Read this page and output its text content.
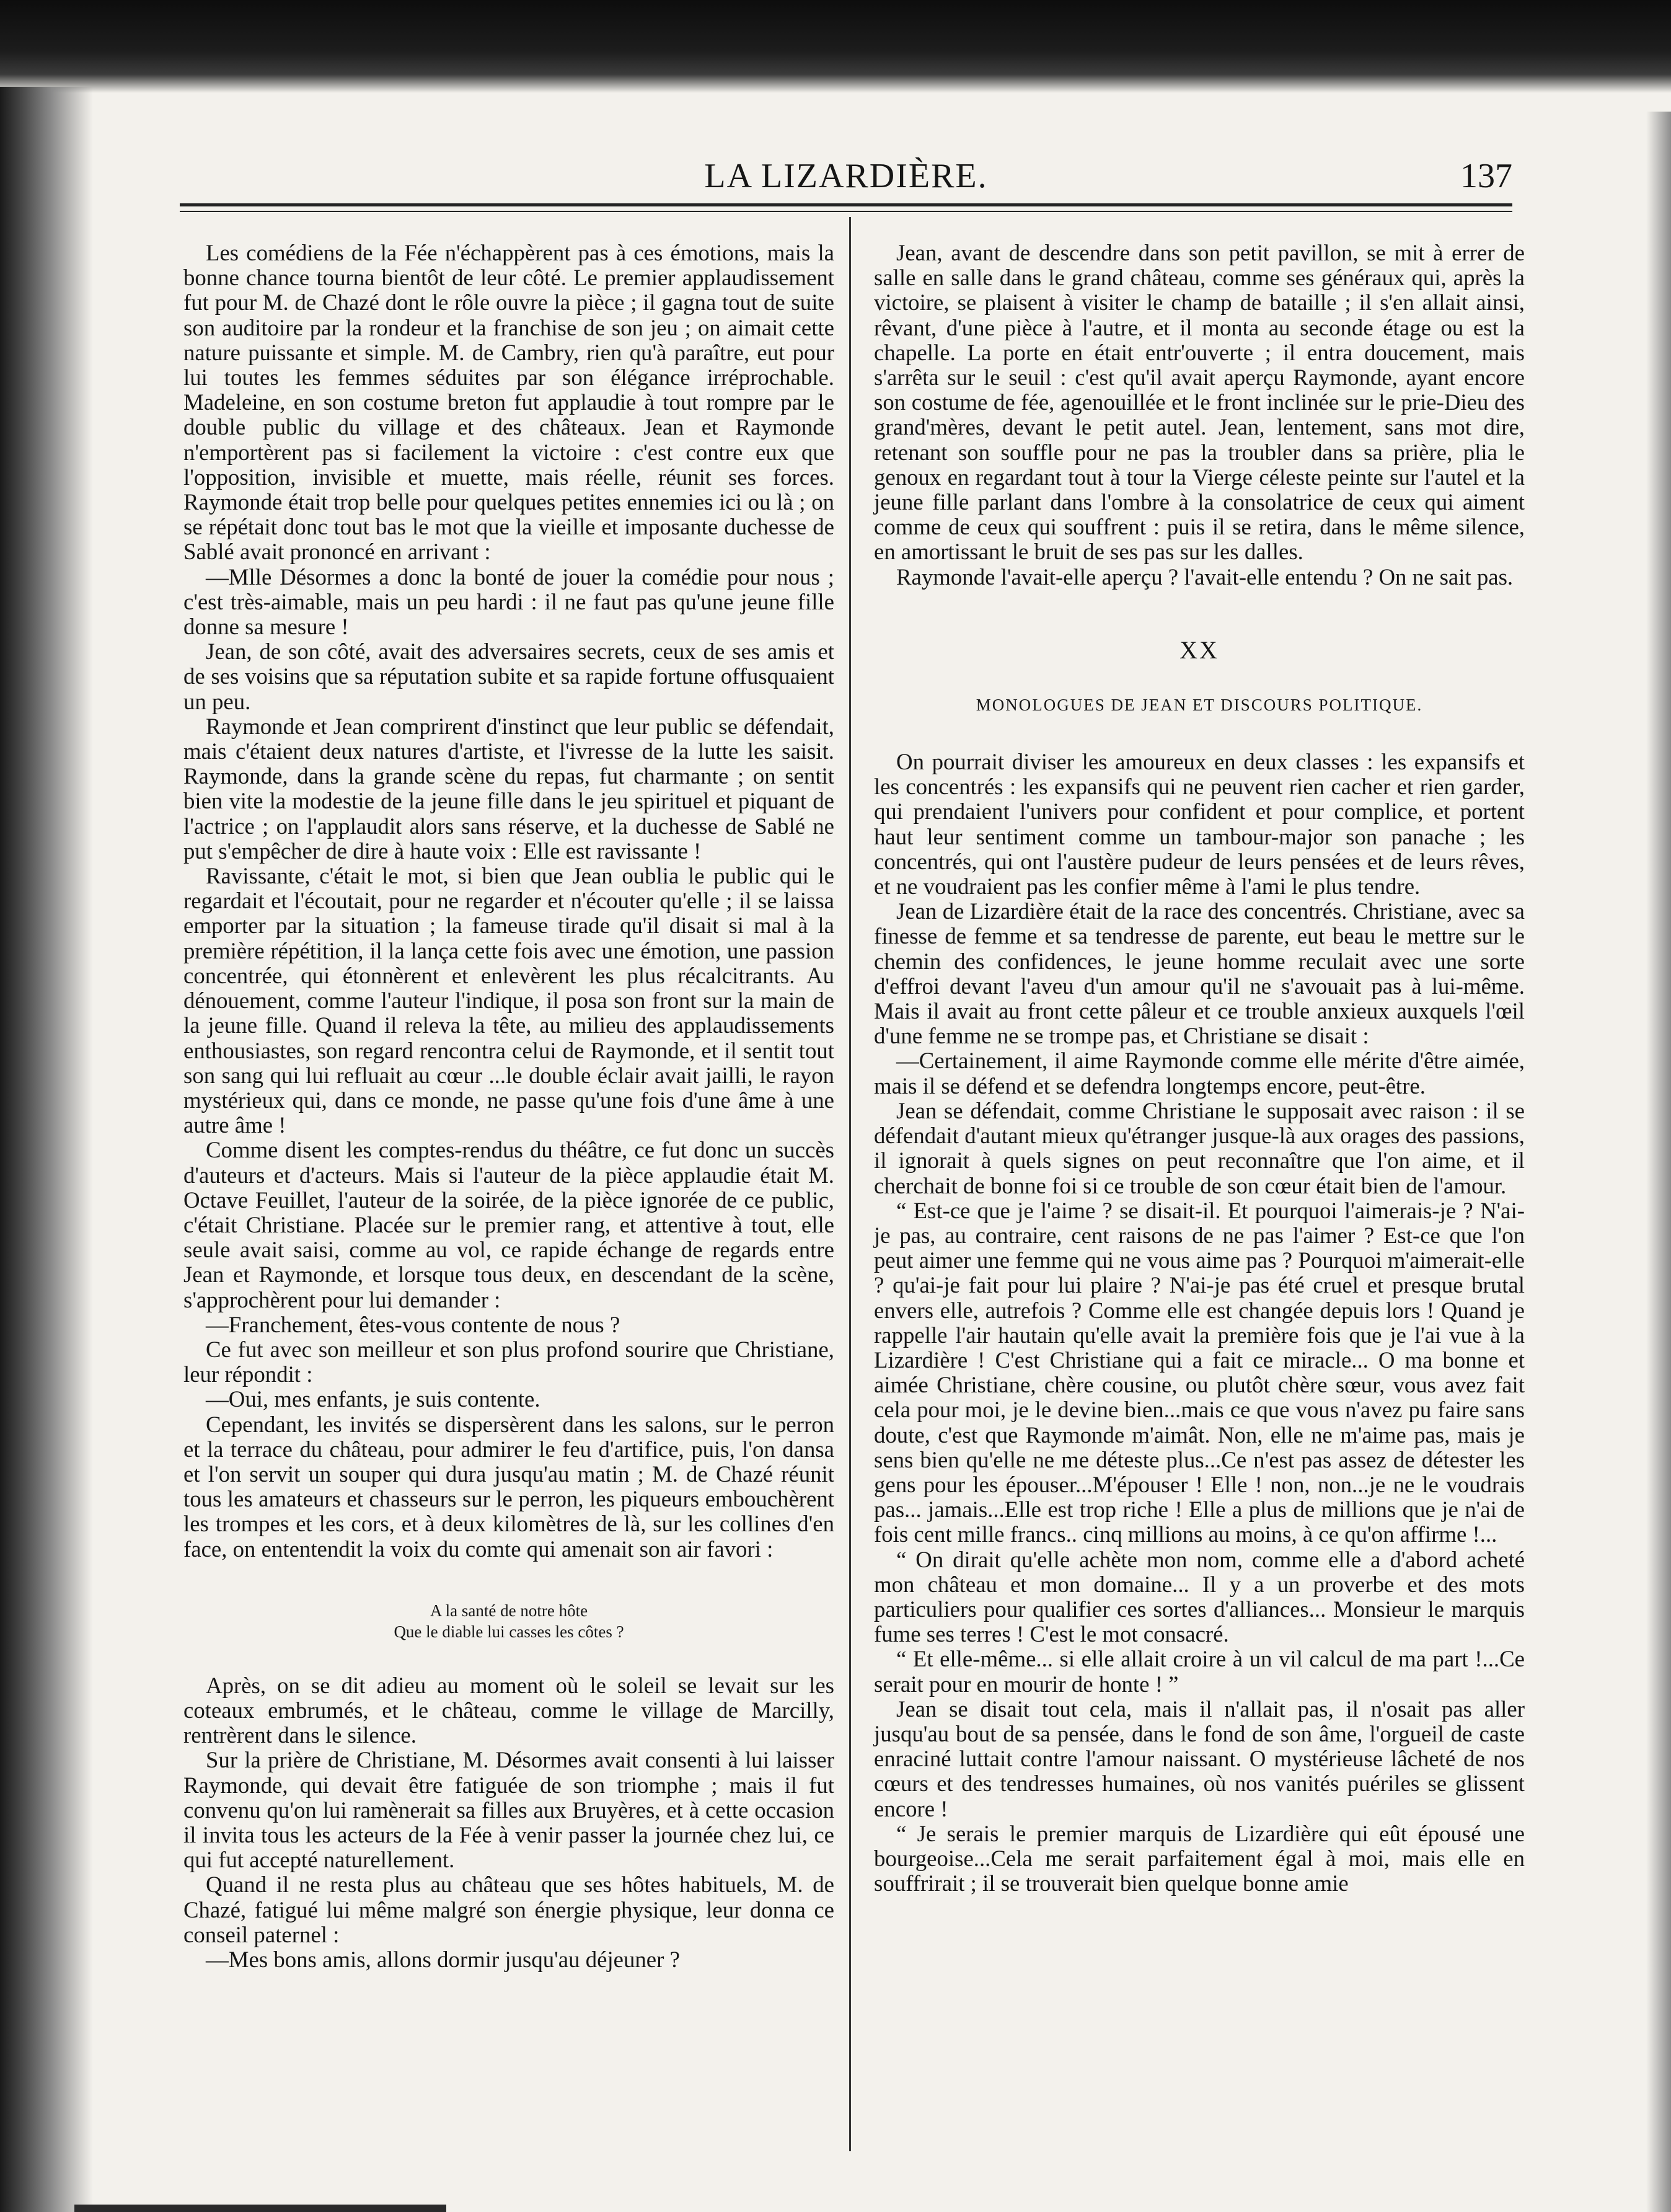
LA LIZARDIÈRE.	137

Les comédiens de la Fée n'échappèrent pas à ces émotions, mais la bonne chance tourna bientôt de leur côté. Le premier applaudissement fut pour M. de Chazé dont le rôle ouvre la pièce ; il gagna tout de suite son auditoire par la rondeur et la franchise de son jeu ; on aimait cette nature puissante et simple. M. de Cambry, rien qu'à paraître, eut pour lui toutes les femmes séduites par son élégance irréprochable. Madeleine, en son costume breton fut applaudie à tout rompre par le double public du village et des châteaux. Jean et Raymonde n'emportèrent pas si facilement la victoire : c'est contre eux que l'opposition, invisible et muette, mais réelle, réunit ses forces. Raymonde était trop belle pour quelques petites ennemies ici ou là ; on se répétait donc tout bas le mot que la vieille et imposante duchesse de Sablé avait prononcé en arrivant :

—Mlle Désormes a donc la bonté de jouer la comédie pour nous ; c'est très-aimable, mais un peu hardi : il ne faut pas qu'une jeune fille donne sa mesure !

Jean, de son côté, avait des adversaires secrets, ceux de ses amis et de ses voisins que sa réputation subite et sa rapide fortune offusquaient un peu.

Raymonde et Jean comprirent d'instinct que leur public se défendait, mais c'étaient deux natures d'artiste, et l'ivresse de la lutte les saisit. Raymonde, dans la grande scène du repas, fut charmante ; on sentit bien vite la modestie de la jeune fille dans le jeu spirituel et piquant de l'actrice ; on l'applaudit alors sans réserve, et la duchesse de Sablé ne put s'empêcher de dire à haute voix : Elle est ravissante !

Ravissante, c'était le mot, si bien que Jean oublia le public qui le regardait et l'écoutait, pour ne regarder et n'écouter qu'elle ; il se laissa emporter par la situation ; la fameuse tirade qu'il disait si mal à la première répétition, il la lança cette fois avec une émotion, une passion concentrée, qui étonnèrent et enlevèrent les plus récalcitrants. Au dénouement, comme l'auteur l'indique, il posa son front sur la main de la jeune fille. Quand il releva la tête, au milieu des applaudissements enthousiastes, son regard rencontra celui de Raymonde, et il sentit tout son sang qui lui refluait au cœur ...le double éclair avait jailli, le rayon mystérieux qui, dans ce monde, ne passe qu'une fois d'une âme à une autre âme !

Comme disent les comptes-rendus du théâtre, ce fut donc un succès d'auteurs et d'acteurs. Mais si l'auteur de la pièce applaudie était M. Octave Feuillet, l'auteur de la soirée, de la pièce ignorée de ce public, c'était Christiane. Placée sur le premier rang, et attentive à tout, elle seule avait saisi, comme au vol, ce rapide échange de regards entre Jean et Raymonde, et lorsque tous deux, en descendant de la scène, s'approchèrent pour lui demander :

—Franchement, êtes-vous contente de nous ?

Ce fut avec son meilleur et son plus profond sourire que Christiane, leur répondit :

—Oui, mes enfants, je suis contente.

Cependant, les invités se dispersèrent dans les salons, sur le perron et la terrace du château, pour admirer le feu d'artifice, puis, l'on dansa et l'on servit un souper qui dura jusqu'au matin ; M. de Chazé réunit tous les amateurs et chasseurs sur le perron, les piqueurs embouchèrent les trompes et les cors, et à deux kilomètres de là, sur les collines d'en face, on ententendit la voix du comte qui amenait son air favori :

A la santé de notre hôte
Que le diable lui casses les côtes ?

Après, on se dit adieu au moment où le soleil se levait sur les coteaux embrumés, et le château, comme le village de Marcilly, rentrèrent dans le silence.

Sur la prière de Christiane, M. Désormes avait consenti à lui laisser Raymonde, qui devait être fatiguée de son triomphe ; mais il fut convenu qu'on lui ramènerait sa filles aux Bruyères, et à cette occasion il invita tous les acteurs de la Fée à venir passer la journée chez lui, ce qui fut accepté naturellement.

Quand il ne resta plus au château que ses hôtes habituels, M. de Chazé, fatigué lui même malgré son énergie physique, leur donna ce conseil paternel :

—Mes bons amis, allons dormir jusqu'au déjeuner ?

Jean, avant de descendre dans son petit pavillon, se mit à errer de salle en salle dans le grand château, comme ses généraux qui, après la victoire, se plaisent à visiter le champ de bataille ; il s'en allait ainsi, rêvant, d'une pièce à l'autre, et il monta au seconde étage ou est la chapelle. La porte en était entr'ouverte ; il entra doucement, mais s'arrêta sur le seuil : c'est qu'il avait aperçu Raymonde, ayant encore son costume de fée, agenouillée et le front inclinée sur le prie-Dieu des grand'mères, devant le petit autel. Jean, lentement, sans mot dire, retenant son souffle pour ne pas la troubler dans sa prière, plia le genoux en regardant tout à tour la Vierge céleste peinte sur l'autel et la jeune fille parlant dans l'ombre à la consolatrice de ceux qui aiment comme de ceux qui souffrent : puis il se retira, dans le même silence, en amortissant le bruit de ses pas sur les dalles.

Raymonde l'avait-elle aperçu ? l'avait-elle entendu ? On ne sait pas.

XX
MONOLOGUES DE JEAN ET DISCOURS POLITIQUE.

On pourrait diviser les amoureux en deux classes : les expansifs et les concentrés : les expansifs qui ne peuvent rien cacher et rien garder, qui prendaient l'univers pour confident et pour complice, et portent haut leur sentiment comme un tambour-major son panache ; les concentrés, qui ont l'austère pudeur de leurs pensées et de leurs rêves, et ne voudraient pas les confier même à l'ami le plus tendre.

Jean de Lizardière était de la race des concentrés. Christiane, avec sa finesse de femme et sa tendresse de parente, eut beau le mettre sur le chemin des confidences, le jeune homme reculait avec une sorte d'effroi devant l'aveu d'un amour qu'il ne s'avouait pas à lui-même. Mais il avait au front cette pâleur et ce trouble anxieux auxquels l'œil d'une femme ne se trompe pas, et Christiane se disait :

—Certainement, il aime Raymonde comme elle mérite d'être aimée, mais il se défend et se defendra longtemps encore, peut-être.

Jean se défendait, comme Christiane le supposait avec raison : il se défendait d'autant mieux qu'étranger jusque-là aux orages des passions, il ignorait à quels signes on peut reconnaître que l'on aime, et il cherchait de bonne foi si ce trouble de son cœur était bien de l'amour.

“ Est-ce que je l'aime ? se disait-il. Et pourquoi l'aimerais-je ? N'ai-je pas, au contraire, cent raisons de ne pas l'aimer ? Est-ce que l'on peut aimer une femme qui ne vous aime pas ? Pourquoi m'aimerait-elle ? qu'ai-je fait pour lui plaire ? N'ai-je pas été cruel et presque brutal envers elle, autrefois ? Comme elle est changée depuis lors ! Quand je rappelle l'air hautain qu'elle avait la première fois que je l'ai vue à la Lizardière ! C'est Christiane qui a fait ce miracle... O ma bonne et aimée Christiane, chère cousine, ou plutôt chère sœur, vous avez fait cela pour moi, je le devine bien...mais ce que vous n'avez pu faire sans doute, c'est que Raymonde m'aimât. Non, elle ne m'aime pas, mais je sens bien qu'elle ne me déteste plus...Ce n'est pas assez de détester les gens pour les épouser...M'épouser ! Elle ! non, non...je ne le voudrais pas... jamais...Elle est trop riche ! Elle a plus de millions que je n'ai de fois cent mille francs.. cinq millions au moins, à ce qu'on affirme !...

“ On dirait qu'elle achète mon nom, comme elle a d'abord acheté mon château et mon domaine... Il y a un proverbe et des mots particuliers pour qualifier ces sortes d'alliances... Monsieur le marquis fume ses terres ! C'est le mot consacré.

“ Et elle-même... si elle allait croire à un vil calcul de ma part !...Ce serait pour en mourir de honte ! ”

Jean se disait tout cela, mais il n'allait pas, il n'osait pas aller jusqu'au bout de sa pensée, dans le fond de son âme, l'orgueil de caste enraciné luttait contre l'amour naissant. O mystérieuse lâcheté de nos cœurs et des tendresses humaines, où nos vanités puériles se glissent encore !

“ Je serais le premier marquis de Lizardière qui eût épousé une bourgeoise...Cela me serait parfaitement égal à moi, mais elle en souffrirait ; il se trouverait bien quelque bonne amie
